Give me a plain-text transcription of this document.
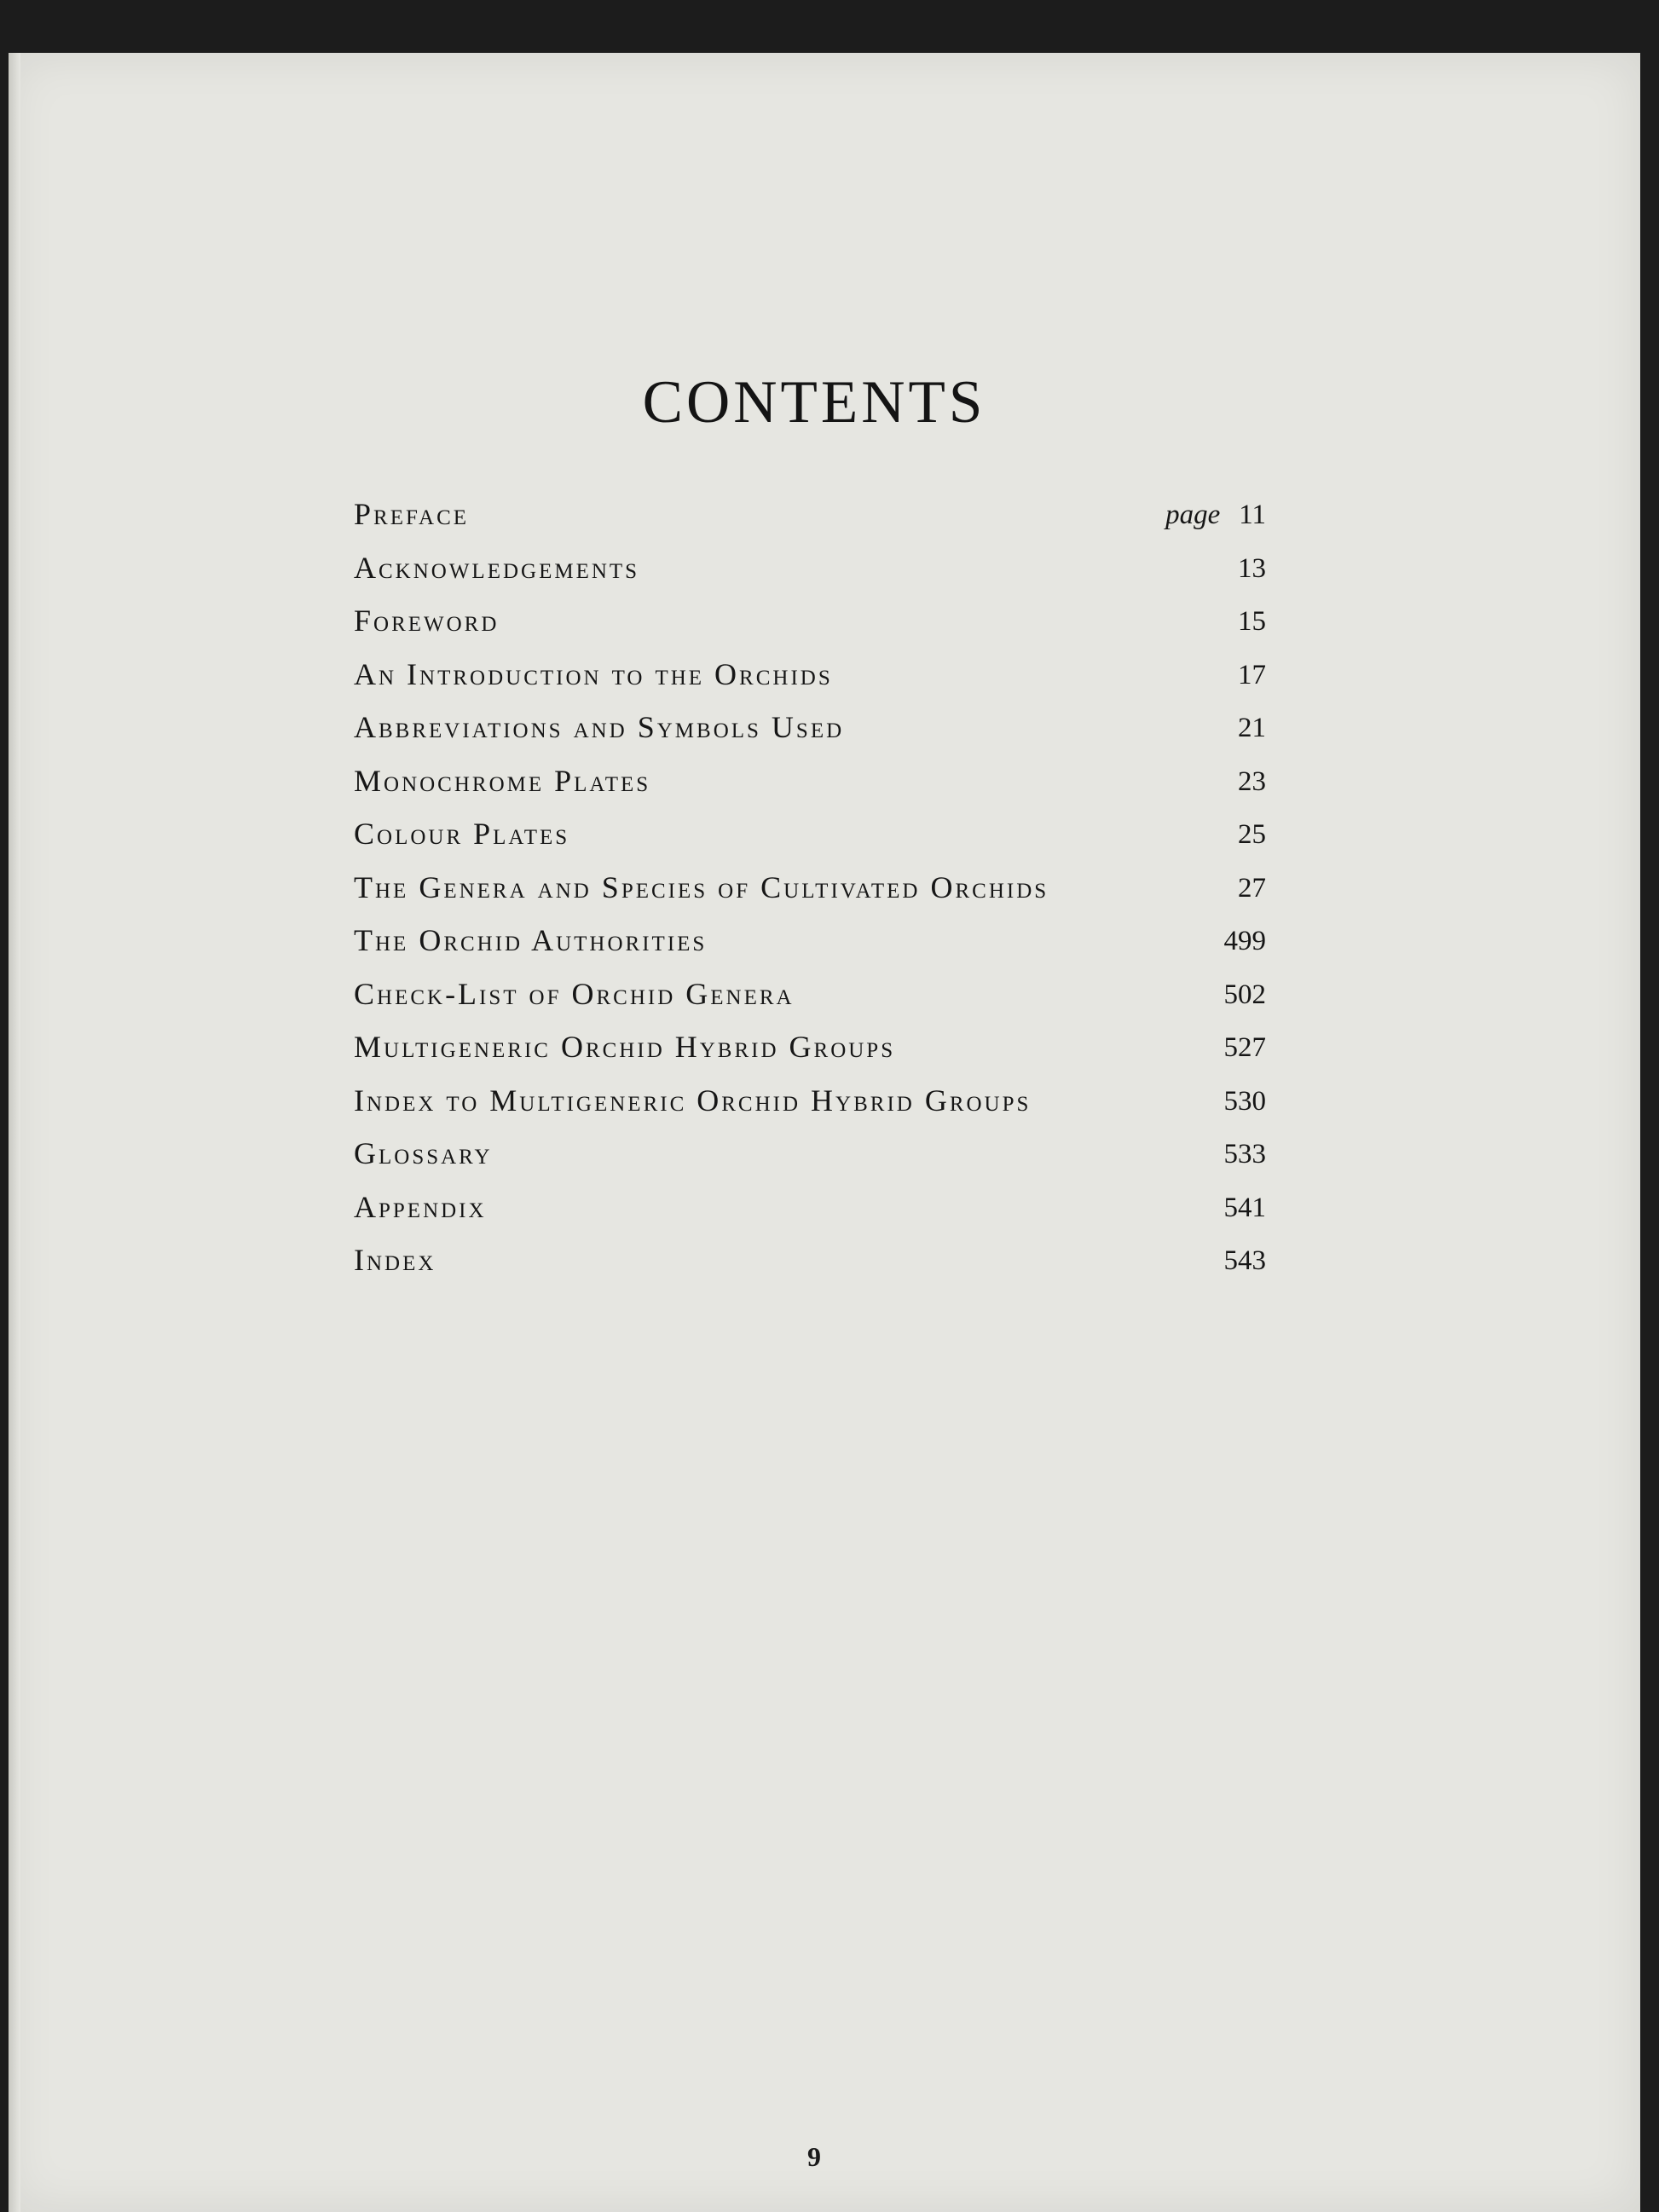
CONTENTS
Preface	page 11
Acknowledgements	13
Foreword	15
An Introduction to the Orchids	17
Abbreviations and Symbols Used	21
Monochrome Plates	23
Colour Plates	25
The Genera and Species of Cultivated Orchids	27
The Orchid Authorities	499
Check-List of Orchid Genera	502
Multigeneric Orchid Hybrid Groups	527
Index to Multigeneric Orchid Hybrid Groups	530
Glossary	533
Appendix	541
Index	543
9
